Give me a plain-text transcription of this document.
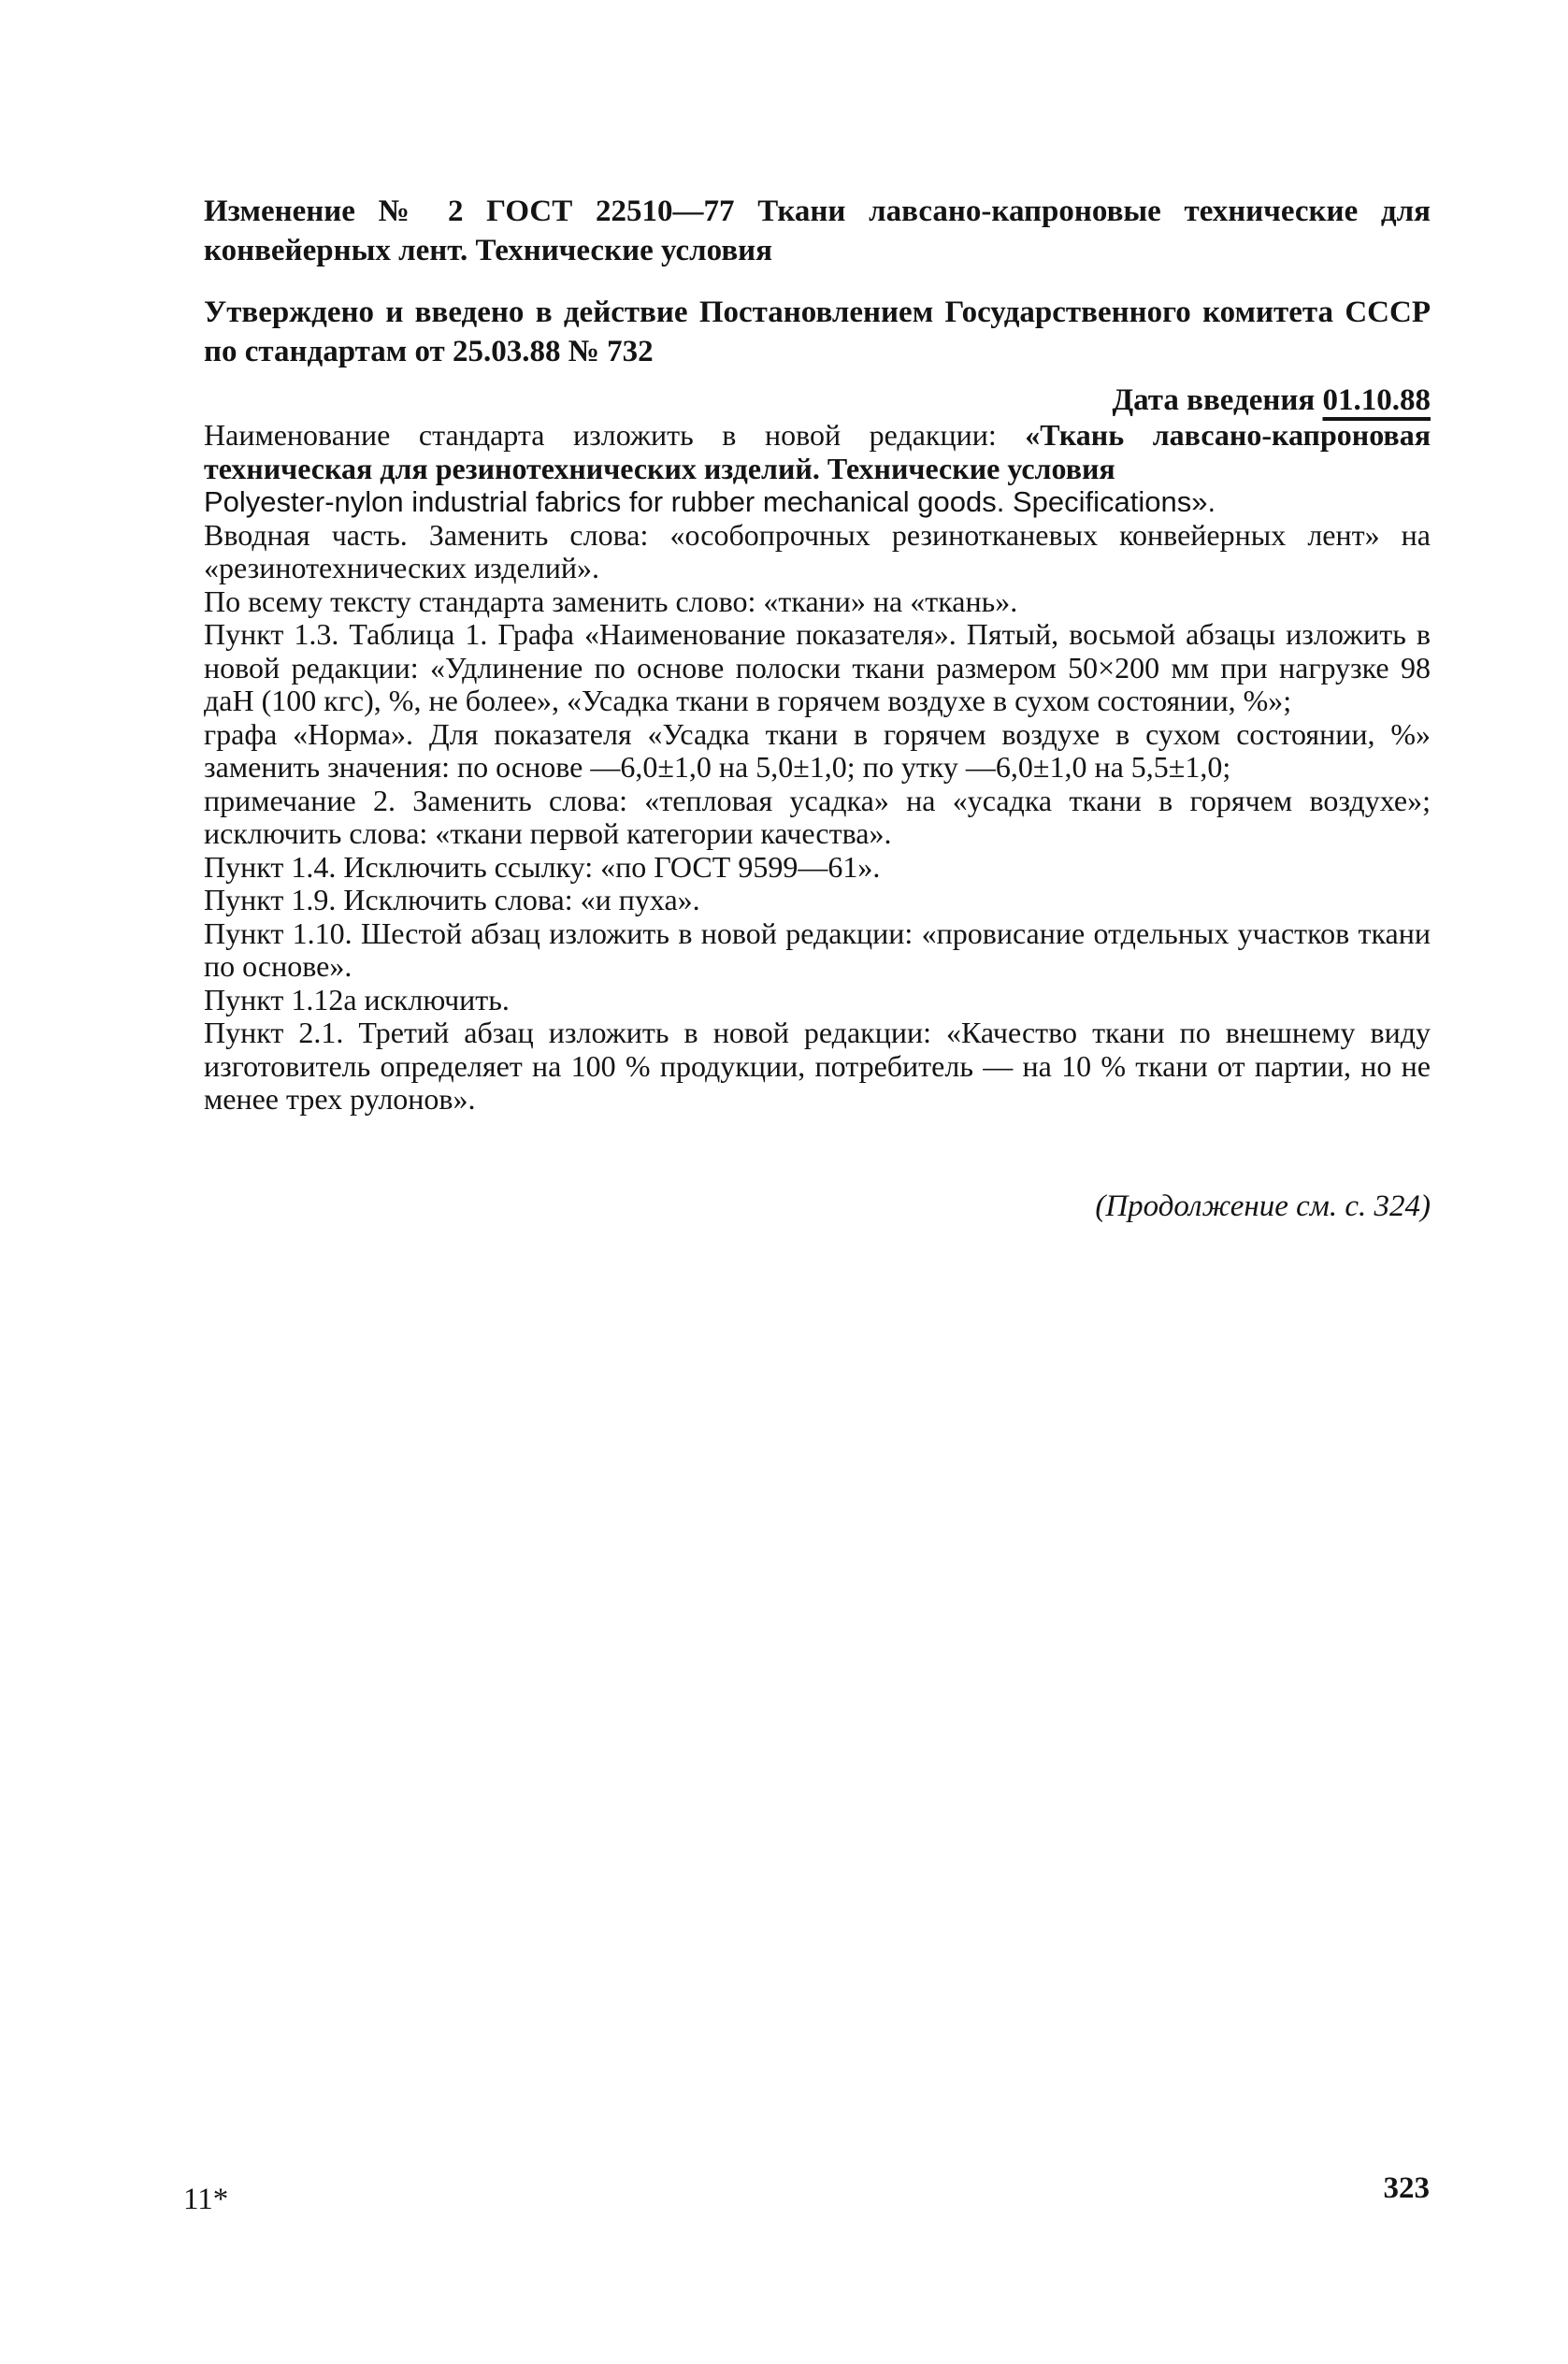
Изменение № 2 ГОСТ 22510—77 Ткани лавсано-капроновые технические для конвейерных лент. Технические условия

Утверждено и введено в действие Постановлением Государственного комитета СССР по стандартам от 25.03.88 № 732

Дата введения 01.10.88

Наименование стандарта изложить в новой редакции: «Ткань лавсано-капроновая техническая для резинотехнических изделий. Технические условия

Polyester-nylon industrial fabrics for rubber mechanical goods. Specifications».

Вводная часть. Заменить слова: «особопрочных резинотканевых конвейерных лент» на «резинотехнических изделий».

По всему тексту стандарта заменить слово: «ткани» на «ткань».

Пункт 1.3. Таблица 1. Графа «Наименование показателя». Пятый, восьмой абзацы изложить в новой редакции: «Удлинение по основе полоски ткани размером 50×200 мм при нагрузке 98 даН (100 кгс), %, не более», «Усадка ткани в горячем воздухе в сухом состоянии, %»;

графа «Норма». Для показателя «Усадка ткани в горячем воздухе в сухом состоянии, %» заменить значения: по основе —6,0±1,0 на 5,0±1,0; по утку —6,0±1,0 на 5,5±1,0;

примечание 2. Заменить слова: «тепловая усадка» на «усадка ткани в горячем воздухе»; исключить слова: «ткани первой категории качества».

Пункт 1.4. Исключить ссылку: «по ГОСТ 9599—61».

Пункт 1.9. Исключить слова: «и пуха».

Пункт 1.10. Шестой абзац изложить в новой редакции: «провисание отдельных участков ткани по основе».

Пункт 1.12а исключить.

Пункт 2.1. Третий абзац изложить в новой редакции: «Качество ткани по внешнему виду изготовитель определяет на 100 % продукции, потребитель — на 10 % ткани от партии, но не менее трех рулонов».

(Продолжение см. с. 324)
11*	323
